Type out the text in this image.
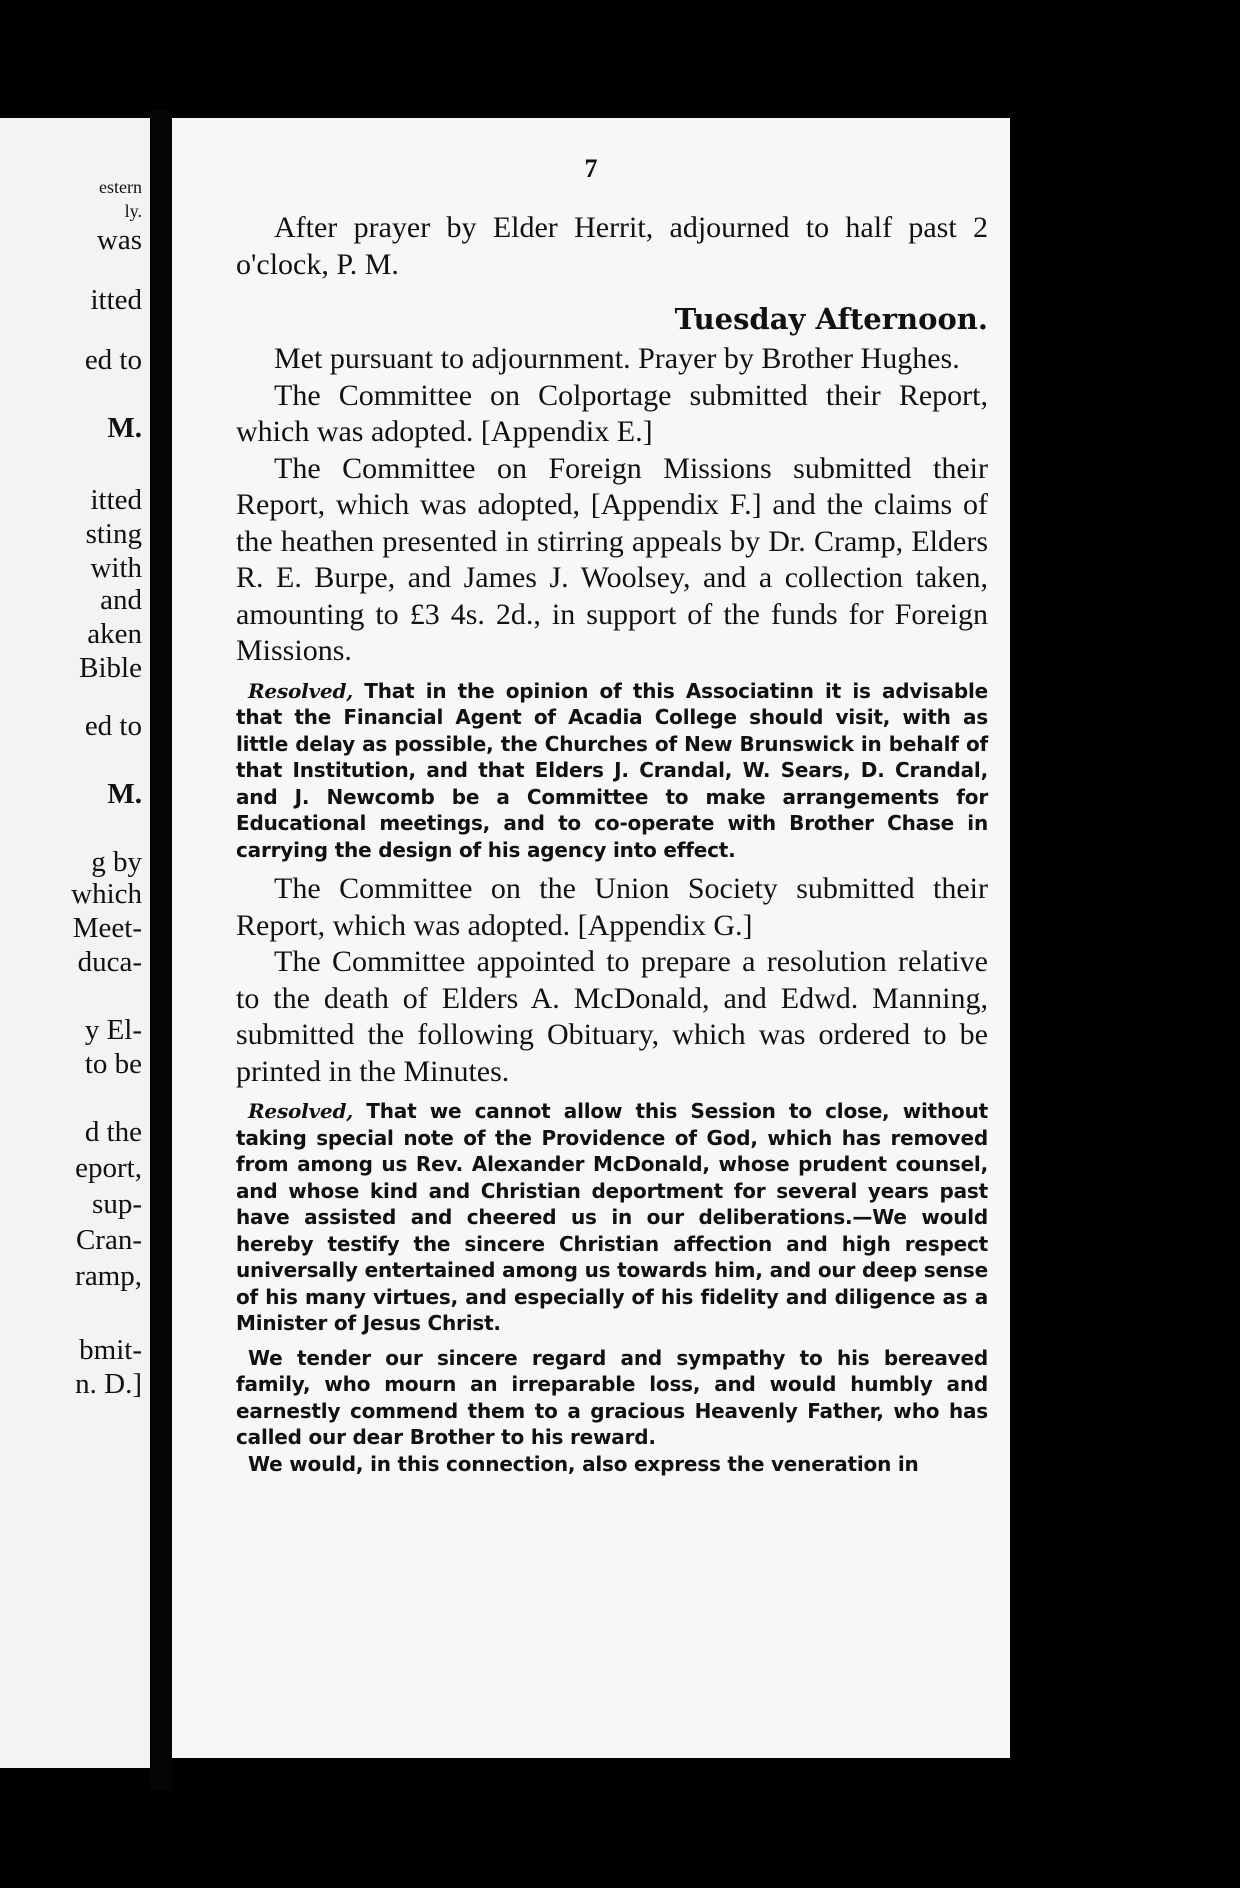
estern
ly.
was
itted
ed to
M.
itted
sting
with
and
aken
Bible
ed to
M.
g by
which
Meet-
duca-
y El-
to be
d the
eport,
sup-
Cran-
ramp,
bmit-
n. D.]
7

After prayer by Elder Herrit, adjourned to half past 2 o'clock, P. M.

Tuesday Afternoon.

Met pursuant to adjournment. Prayer by Brother Hughes.

The Committee on Colportage submitted their Report, which was adopted. [Appendix E.]

The Committee on Foreign Missions submitted their Report, which was adopted, [Appendix F.] and the claims of the heathen presented in stirring appeals by Dr. Cramp, Elders R. E. Burpe, and James J. Woolsey, and a collection taken, amounting to £3 4s. 2d., in support of the funds for Foreign Missions.

Resolved, That in the opinion of this Associatinn it is advisable that the Financial Agent of Acadia College should visit, with as little delay as possible, the Churches of New Brunswick in behalf of that Institution, and that Elders J. Crandal, W. Sears, D. Crandal, and J. Newcomb be a Committee to make arrangements for Educational meetings, and to co-operate with Brother Chase in carrying the design of his agency into effect.

The Committee on the Union Society submitted their Report, which was adopted. [Appendix G.]

The Committee appointed to prepare a resolution relative to the death of Elders A. McDonald, and Edwd. Manning, submitted the following Obituary, which was ordered to be printed in the Minutes.

Resolved, That we cannot allow this Session to close, without taking special note of the Providence of God, which has removed from among us Rev. Alexander McDonald, whose prudent counsel, and whose kind and Christian deportment for several years past have assisted and cheered us in our deliberations.—We would hereby testify the sincere Christian affection and high respect universally entertained among us towards him, and our deep sense of his many virtues, and especially of his fidelity and diligence as a Minister of Jesus Christ.

We tender our sincere regard and sympathy to his bereaved family, who mourn an irreparable loss, and would humbly and earnestly commend them to a gracious Heavenly Father, who has called our dear Brother to his reward.

We would, in this connection, also express the veneration in
